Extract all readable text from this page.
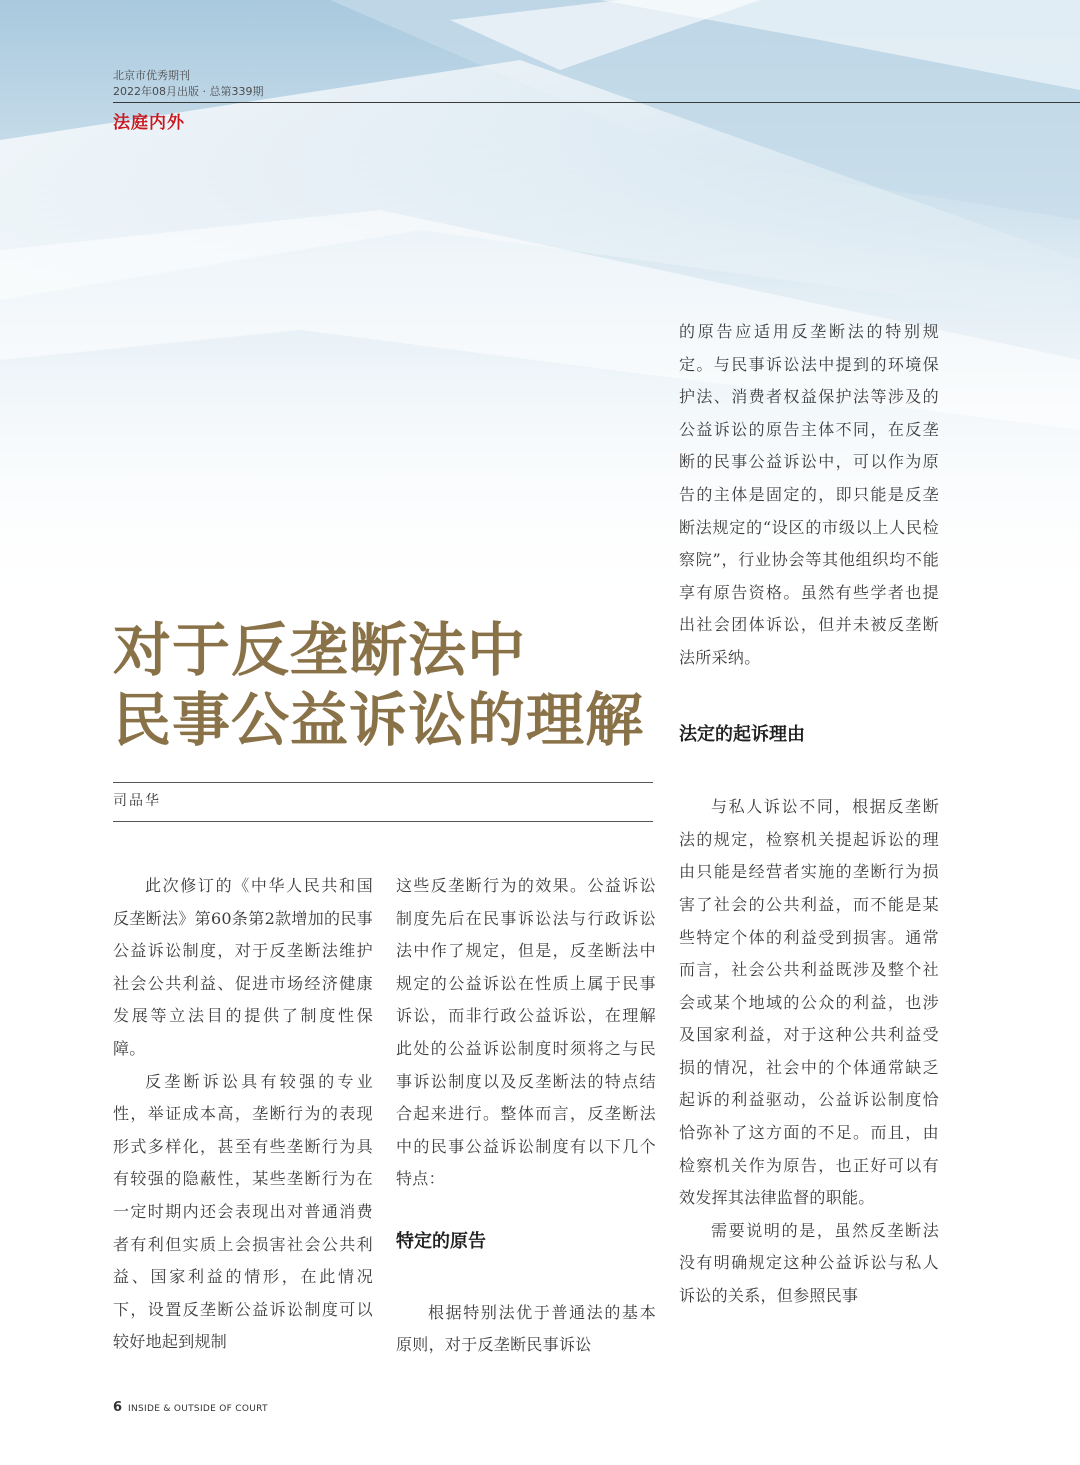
北京市优秀期刊
2022年08月出版 · 总第339期
法庭内外
对于反垄断法中
民事公益诉讼的理解
司品华

此次修订的《中华人民共和国反垄断法》第60条第2款增加的民事公益诉讼制度，对于反垄断法维护社会公共利益、促进市场经济健康发展等立法目的提供了制度性保障。

反垄断诉讼具有较强的专业性，举证成本高，垄断行为的表现形式多样化，甚至有些垄断行为具有较强的隐蔽性，某些垄断行为在一定时期内还会表现出对普通消费者有利但实质上会损害社会公共利益、国家利益的情形，在此情况下，设置反垄断公益诉讼制度可以较好地起到规制

这些反垄断行为的效果。公益诉讼制度先后在民事诉讼法与行政诉讼法中作了规定，但是，反垄断法中规定的公益诉讼在性质上属于民事诉讼，而非行政公益诉讼，在理解此处的公益诉讼制度时须将之与民事诉讼制度以及反垄断法的特点结合起来进行。整体而言，反垄断法中的民事公益诉讼制度有以下几个特点：

特定的原告

根据特别法优于普通法的基本原则，对于反垄断民事诉讼

的原告应适用反垄断法的特别规定。与民事诉讼法中提到的环境保护法、消费者权益保护法等涉及的公益诉讼的原告主体不同，在反垄断的民事公益诉讼中，可以作为原告的主体是固定的，即只能是反垄断法规定的“设区的市级以上人民检察院”，行业协会等其他组织均不能享有原告资格。虽然有些学者也提出社会团体诉讼，但并未被反垄断法所采纳。

法定的起诉理由

与私人诉讼不同，根据反垄断法的规定，检察机关提起诉讼的理由只能是经营者实施的垄断行为损害了社会的公共利益，而不能是某些特定个体的利益受到损害。通常而言，社会公共利益既涉及整个社会或某个地域的公众的利益，也涉及国家利益，对于这种公共利益受损的情况，社会中的个体通常缺乏起诉的利益驱动，公益诉讼制度恰恰弥补了这方面的不足。而且，由检察机关作为原告，也正好可以有效发挥其法律监督的职能。

需要说明的是，虽然反垄断法没有明确规定这种公益诉讼与私人诉讼的关系，但参照民事

6 INSIDE & OUTSIDE OF COURT
